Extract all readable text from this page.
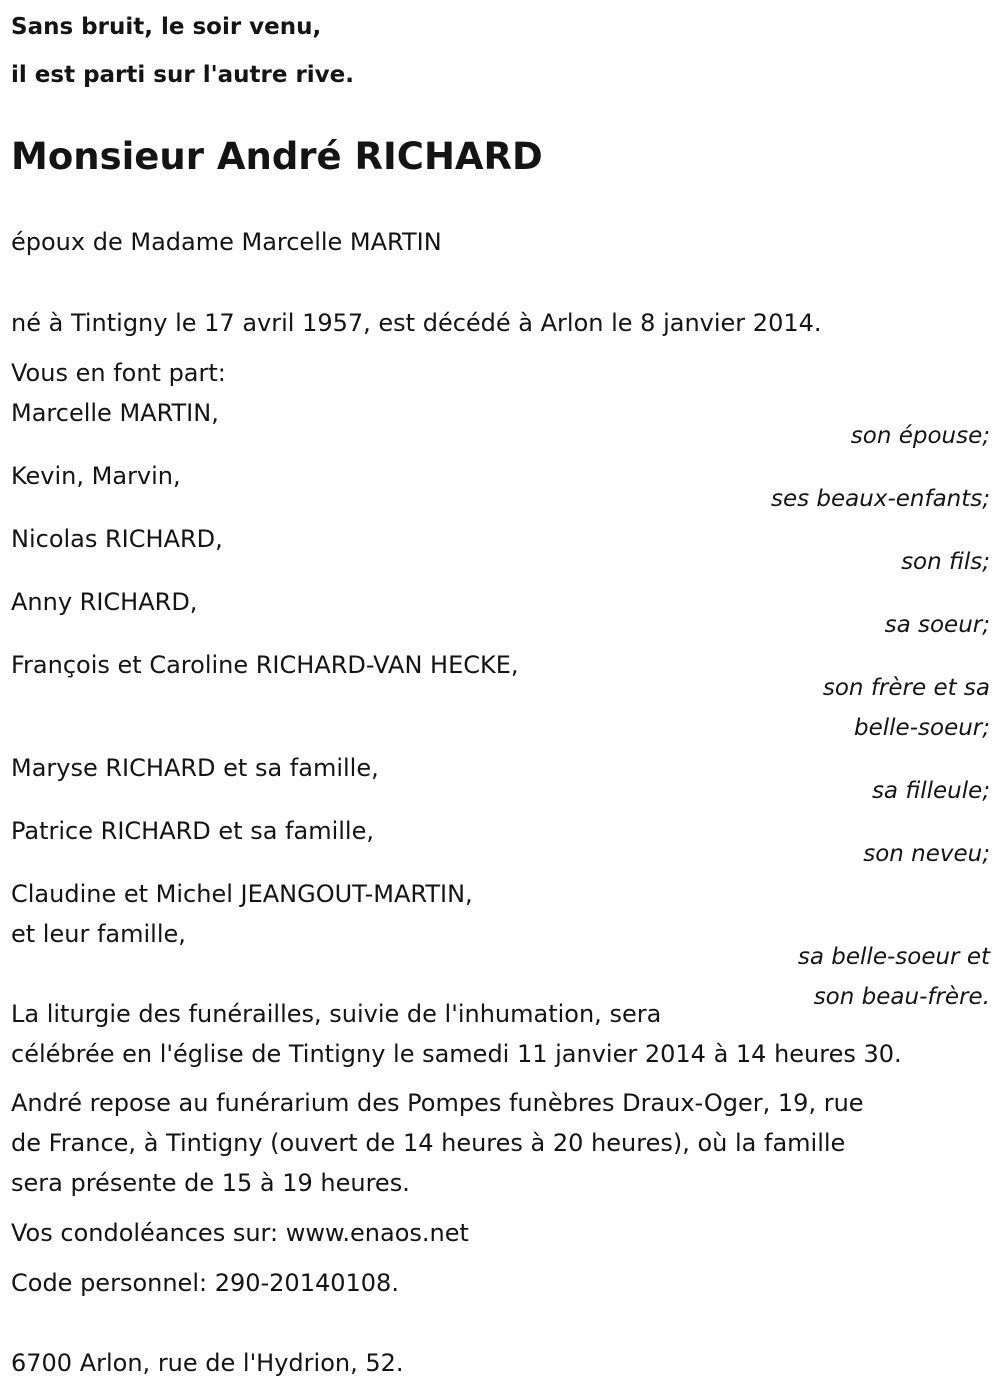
Sans bruit, le soir venu,
il est parti sur l'autre rive.
Monsieur André RICHARD
époux de Madame Marcelle MARTIN
né à Tintigny le 17 avril 1957, est décédé à Arlon le 8 janvier 2014.
Vous en font part:
Marcelle MARTIN,
son épouse;
Kevin, Marvin,
ses beaux-enfants;
Nicolas RICHARD,
son fils;
Anny RICHARD,
sa soeur;
François et Caroline RICHARD-VAN HECKE,
son frère et sa
belle-soeur;
Maryse RICHARD et sa famille,
sa filleule;
Patrice RICHARD et sa famille,
son neveu;
Claudine et Michel JEANGOUT-MARTIN,
et leur famille,
sa belle-soeur et
son beau-frère.
La liturgie des funérailles, suivie de l'inhumation, sera
célébrée en l'église de Tintigny le samedi 11 janvier 2014 à 14 heures 30.
André repose au funérarium des Pompes funèbres Draux-Oger, 19, rue
de France, à Tintigny (ouvert de 14 heures à 20 heures), où la famille
sera présente de 15 à 19 heures.
Vos condoléances sur: www.enaos.net
Code personnel: 290-20140108.
6700 Arlon, rue de l'Hydrion, 52.
